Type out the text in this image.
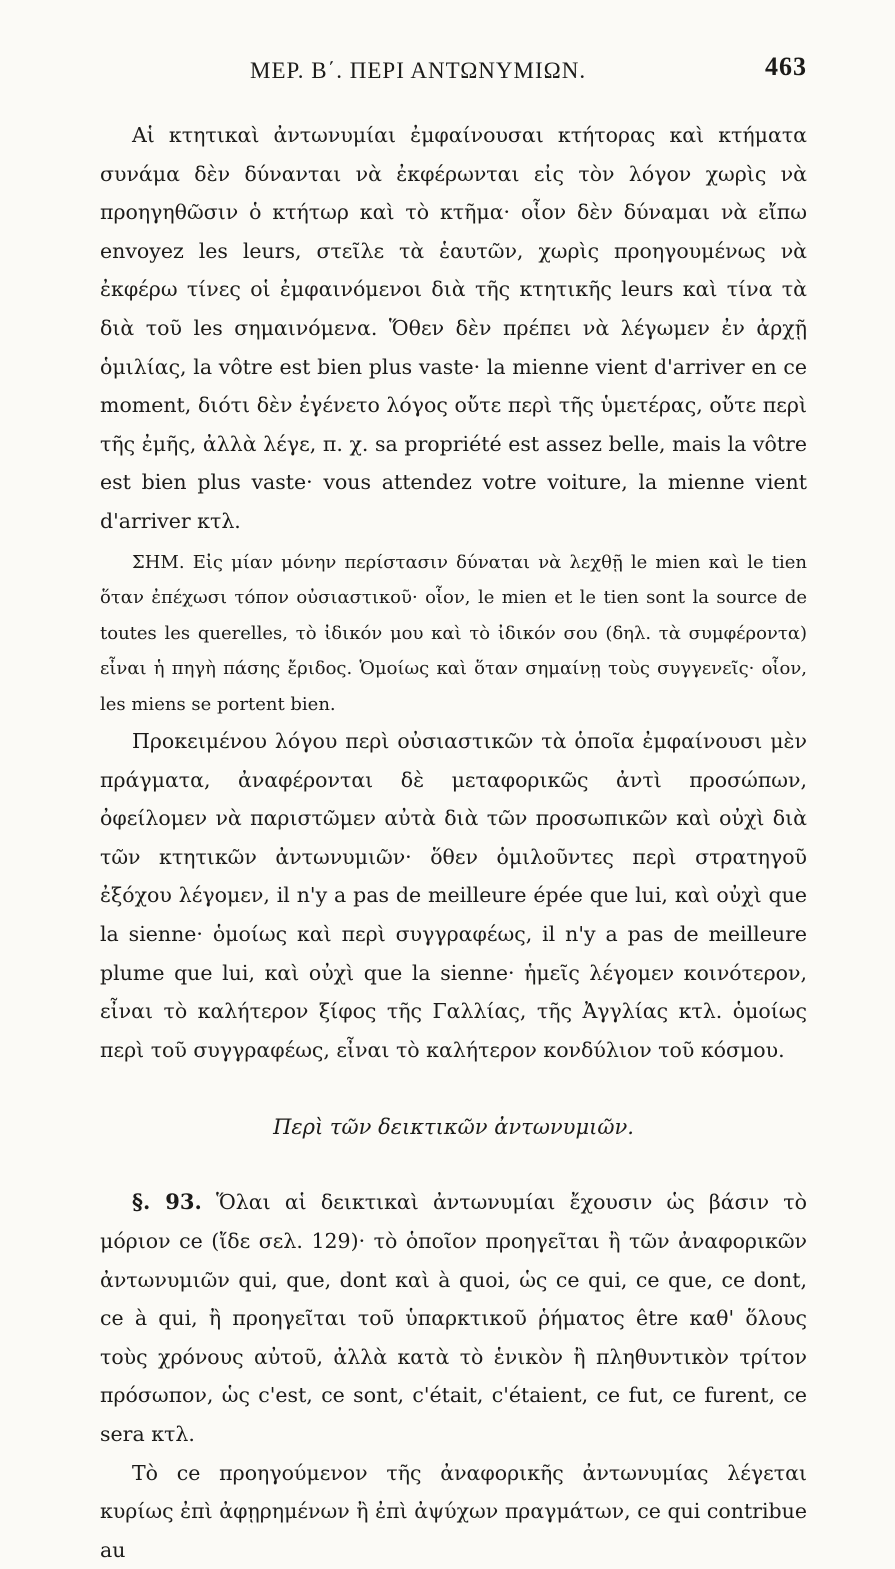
ΜΕΡ. Β΄. ΠΕΡΙ ΑΝΤΩΝΥΜΙΩΝ.	463

Αἱ κτητικαὶ ἀντωνυμίαι ἐμφαίνουσαι κτήτορας καὶ κτήματα συνάμα δὲν δύνανται νὰ ἐκφέρωνται εἰς τὸν λόγον χωρὶς νὰ προηγηθῶσιν ὁ κτήτωρ καὶ τὸ κτῆμα· οἷον δὲν δύναμαι νὰ εἴπω envoyez les leurs, στεῖλε τὰ ἑαυτῶν, χωρὶς προηγουμένως νὰ ἐκφέρω τίνες οἱ ἐμφαινόμενοι διὰ τῆς κτητικῆς leurs καὶ τίνα τὰ διὰ τοῦ les σημαινόμενα. Ὅθεν δὲν πρέπει νὰ λέγωμεν ἐν ἀρχῇ ὁμιλίας, la vôtre est bien plus vaste· la mienne vient d'arriver en ce moment, διότι δὲν ἐγένετο λόγος οὔτε περὶ τῆς ὑμετέρας, οὔτε περὶ τῆς ἐμῆς, ἀλλὰ λέγε, π. χ. sa propriété est assez belle, mais la vôtre est bien plus vaste· vous attendez votre voiture, la mienne vient d'arriver κτλ.

ΣΗΜ. Εἰς μίαν μόνην περίστασιν δύναται νὰ λεχθῇ le mien καὶ le tien ὅταν ἐπέχωσι τόπον οὐσιαστικοῦ· οἷον, le mien et le tien sont la source de toutes les querelles, τὸ ἰδικόν μου καὶ τὸ ἰδικόν σου (δηλ. τὰ συμφέροντα) εἶναι ἡ πηγὴ πάσης ἔριδος. Ὁμοίως καὶ ὅταν σημαίνῃ τοὺς συγγενεῖς· οἷον, les miens se portent bien.

Προκειμένου λόγου περὶ οὐσιαστικῶν τὰ ὁποῖα ἐμφαίνουσι μὲν πράγματα, ἀναφέρονται δὲ μεταφορικῶς ἀντὶ προσώπων, ὀφείλομεν νὰ παριστῶμεν αὐτὰ διὰ τῶν προσωπικῶν καὶ οὐχὶ διὰ τῶν κτητικῶν ἀντωνυμιῶν· ὅθεν ὁμιλοῦντες περὶ στρατηγοῦ ἐξόχου λέγομεν, il n'y a pas de meilleure épée que lui, καὶ οὐχὶ que la sienne· ὁμοίως καὶ περὶ συγγραφέως, il n'y a pas de meilleure plume que lui, καὶ οὐχὶ que la sienne· ἡμεῖς λέγομεν κοινότερον, εἶναι τὸ καλήτερον ξίφος τῆς Γαλλίας, τῆς Ἀγγλίας κτλ. ὁμοίως περὶ τοῦ συγγραφέως, εἶναι τὸ καλήτερον κονδύλιον τοῦ κόσμου.

Περὶ τῶν δεικτικῶν ἀντωνυμιῶν.

§. 93. Ὅλαι αἱ δεικτικαὶ ἀντωνυμίαι ἔχουσιν ὡς βάσιν τὸ μόριον ce (ἴδε σελ. 129)· τὸ ὁποῖον προηγεῖται ἢ τῶν ἀναφορικῶν ἀντωνυμιῶν qui, que, dont καὶ à quoi, ὡς ce qui, ce que, ce dont, ce à qui, ἢ προηγεῖται τοῦ ὑπαρκτικοῦ ῥήματος être καθ' ὅλους τοὺς χρόνους αὐτοῦ, ἀλλὰ κατὰ τὸ ἑνικὸν ἢ πληθυντικὸν τρίτον πρόσωπον, ὡς c'est, ce sont, c'était, c'étaient, ce fut, ce furent, ce sera κτλ.

Τὸ ce προηγούμενον τῆς ἀναφορικῆς ἀντωνυμίας λέγεται κυρίως ἐπὶ ἀφῃρημένων ἢ ἐπὶ ἀψύχων πραγμάτων, ce qui contribue au
